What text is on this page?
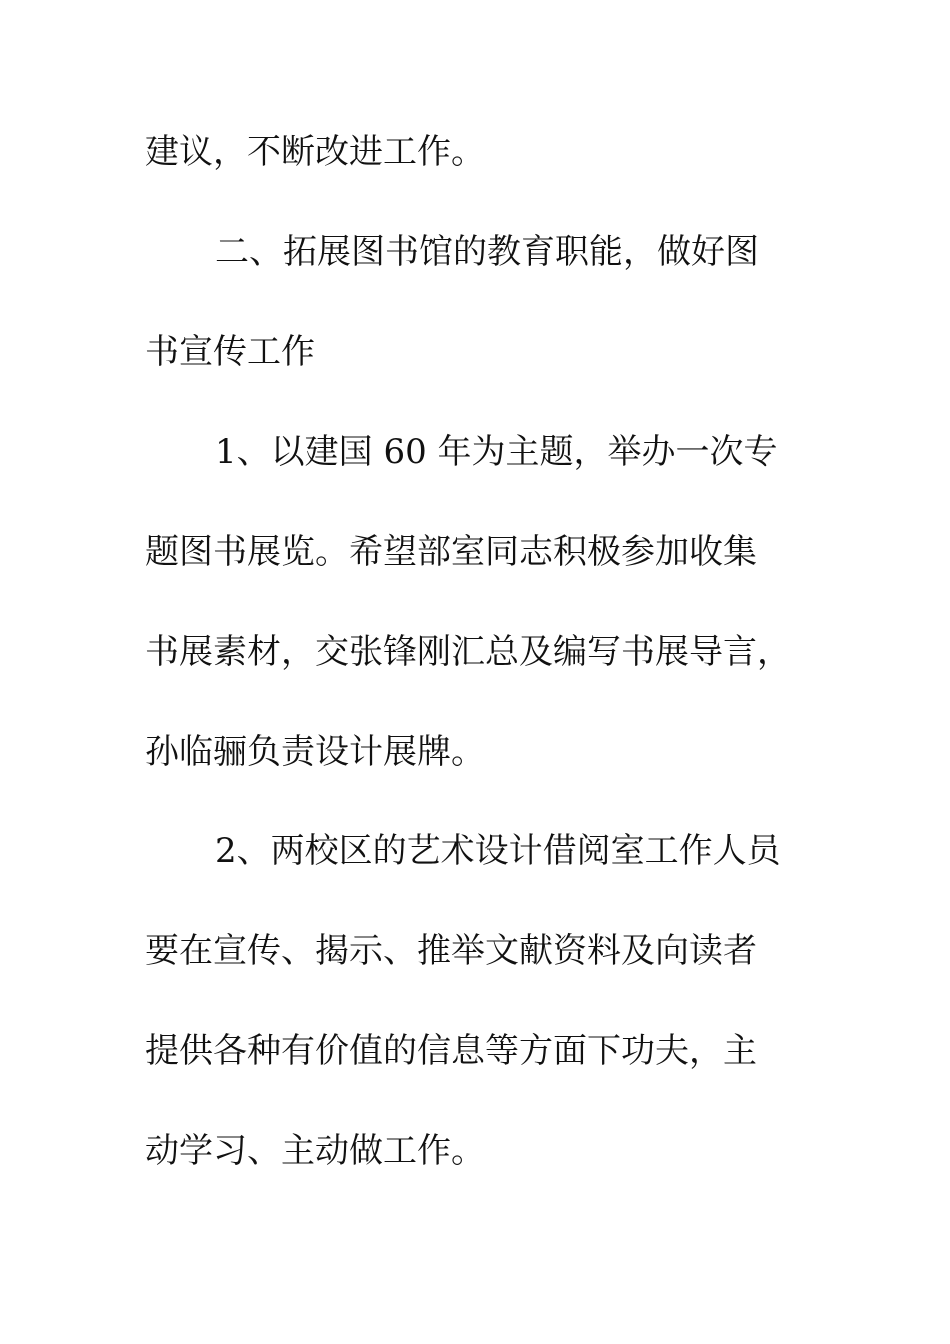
建议，不断改进工作。
二、拓展图书馆的教育职能，做好图
书宣传工作
1、以建国 60 年为主题，举办一次专
题图书展览。希望部室同志积极参加收集
书展素材，交张锋刚汇总及编写书展导言，
孙临骊负责设计展牌。
2、两校区的艺术设计借阅室工作人员
要在宣传、揭示、推举文献资料及向读者
提供各种有价值的信息等方面下功夫，主
动学习、主动做工作。
